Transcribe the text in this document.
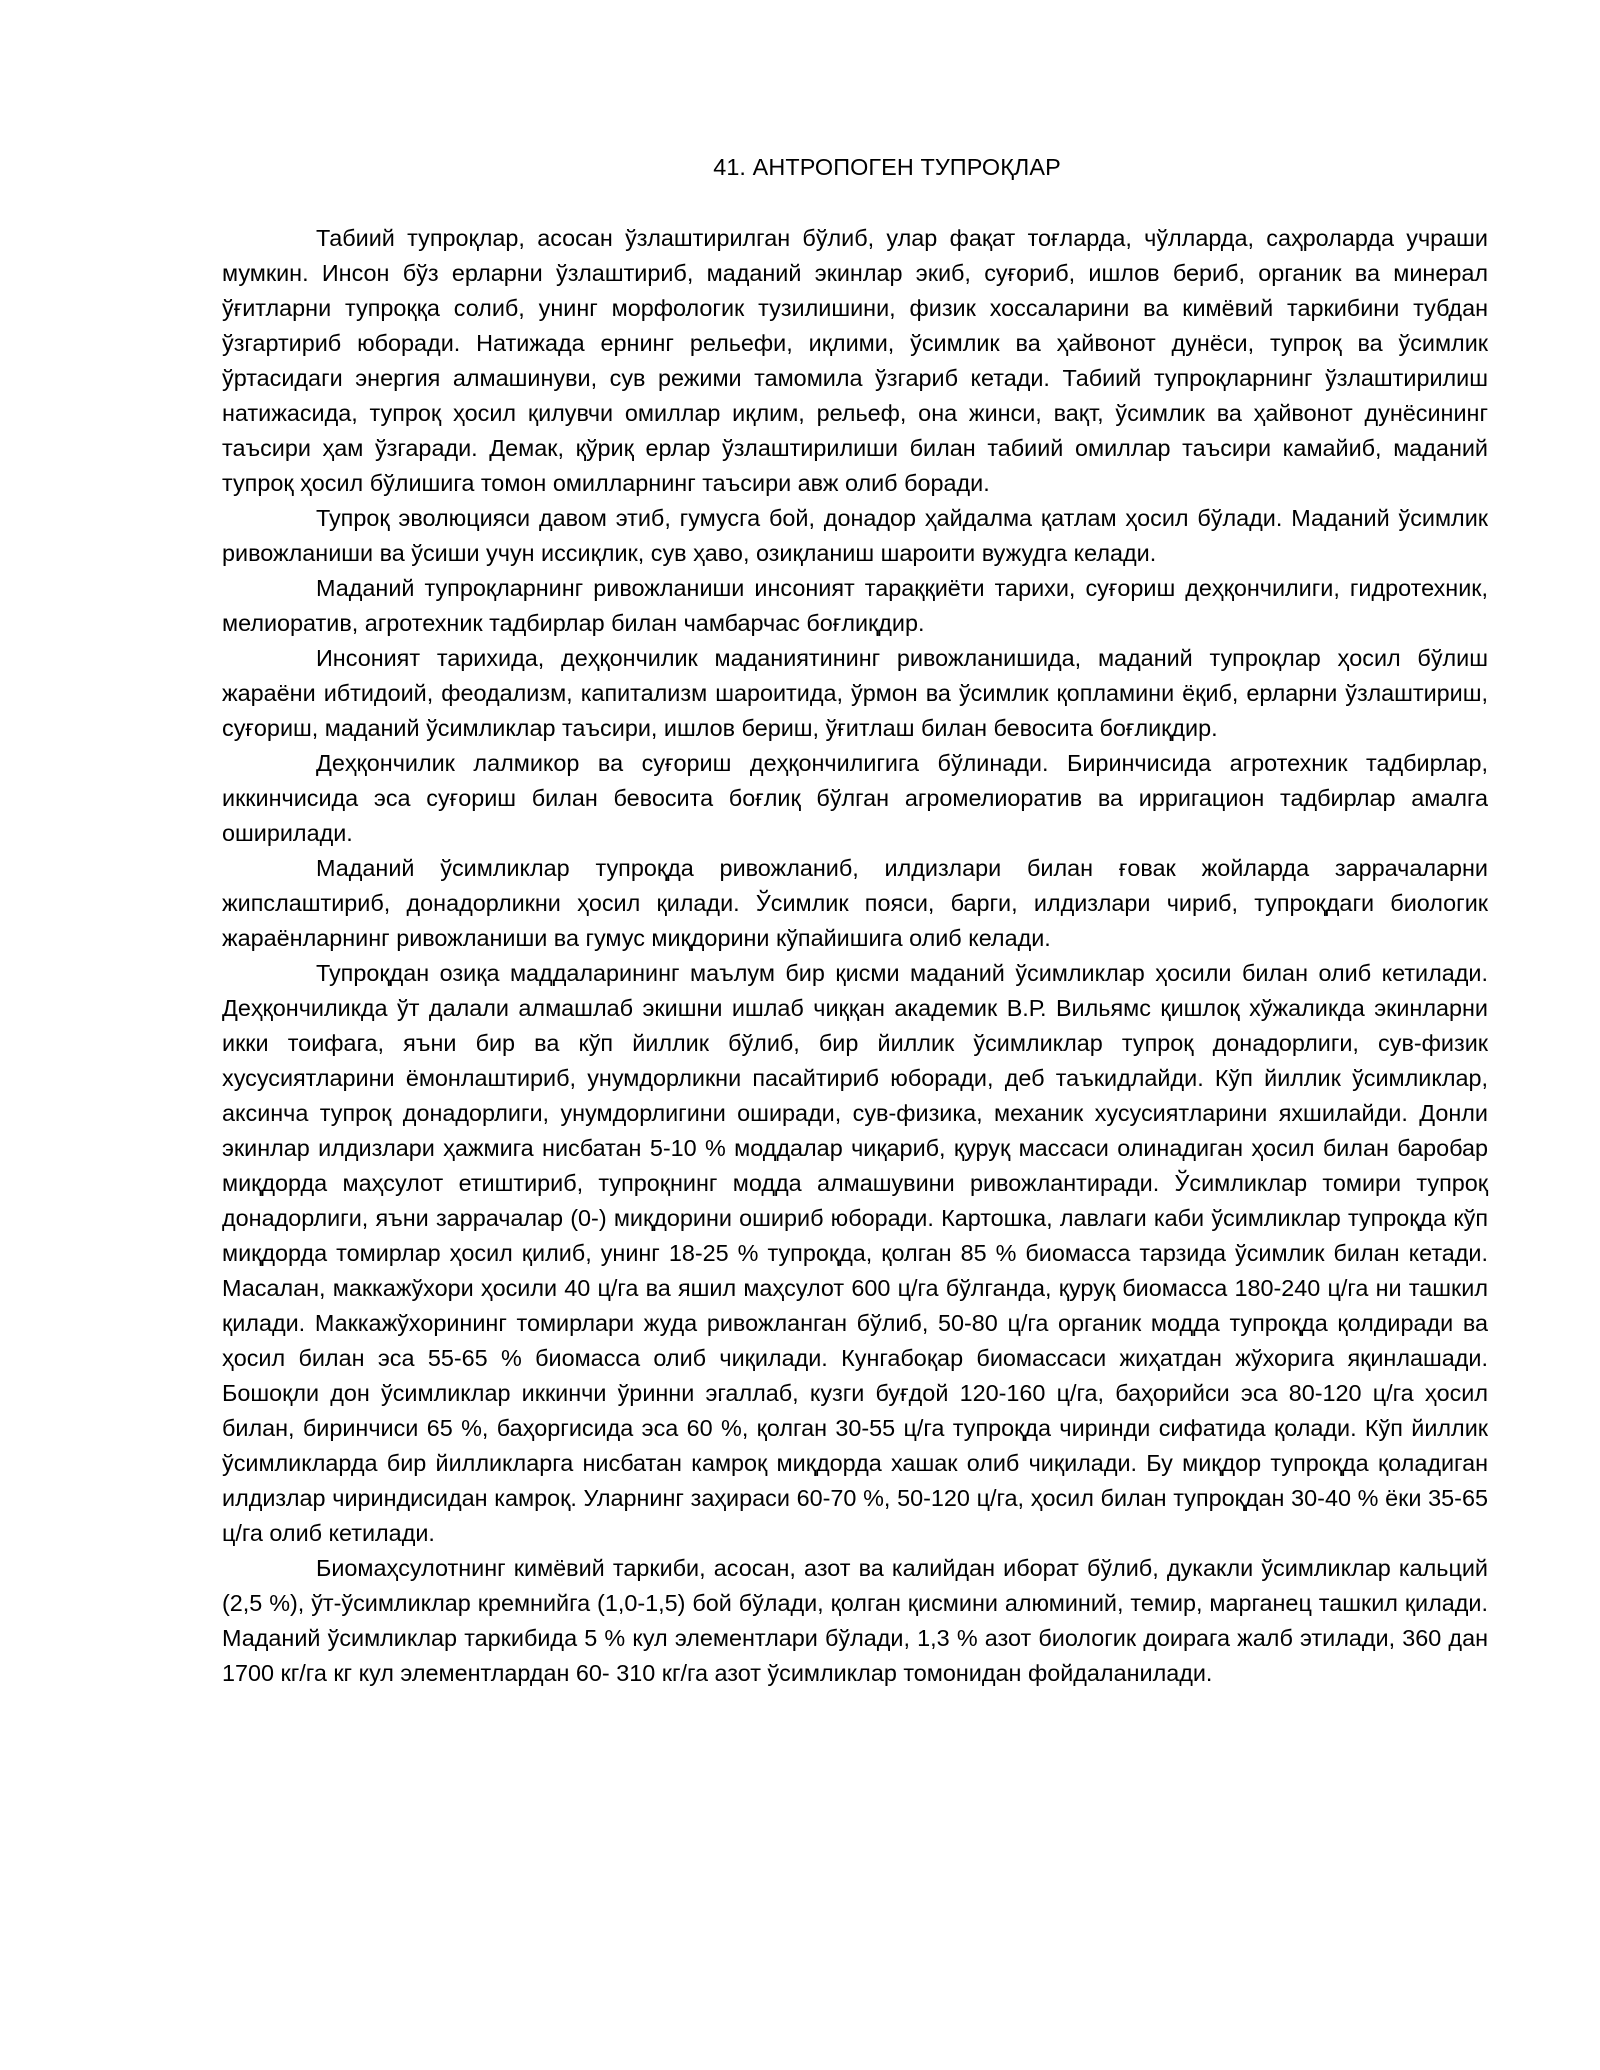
41. АНТРОПОГЕН ТУПРОҚЛАР

Табиий тупроқлар, асосан ўзлаштирилган бўлиб, улар фақат тоғларда, чўлларда, саҳроларда учраши мумкин. Инсон бўз ерларни ўзлаштириб, маданий экинлар экиб, суғориб, ишлов бериб, органик ва минерал ўғитларни тупроққа солиб, унинг морфологик тузилишини, физик хоссаларини ва кимёвий таркибини тубдан ўзгартириб юборади. Натижада ернинг рельефи, иқлими, ўсимлик ва ҳайвонот дунёси, тупроқ ва ўсимлик ўртасидаги энергия алмашинуви, сув режими тамомила ўзгариб кетади. Табиий тупроқларнинг ўзлаштирилиш натижасида, тупроқ ҳосил қилувчи омиллар иқлим, рельеф, она жинси, вақт, ўсимлик ва ҳайвонот дунёсининг таъсири ҳам ўзгаради. Демак, қўриқ ерлар ўзлаштирилиши билан табиий омиллар таъсири камайиб, маданий тупроқ ҳосил бўлишига томон омилларнинг таъсири авж олиб боради.

Тупроқ эволюцияси давом этиб, гумусга бой, донадор ҳайдалма қатлам ҳосил бўлади. Маданий ўсимлик ривожланиши ва ўсиши учун иссиқлик, сув ҳаво, озиқланиш шароити вужудга келади.

Маданий тупроқларнинг ривожланиши инсоният тараққиёти тарихи, суғориш деҳқончилиги, гидротехник, мелиоратив, агротехник тадбирлар билан чамбарчас боғлиқдир.

Инсоният тарихида, деҳқончилик маданиятининг ривожланишида, маданий тупроқлар ҳосил бўлиш жараёни ибтидоий, феодализм, капитализм шароитида, ўрмон ва ўсимлик қопламини ёқиб, ерларни ўзлаштириш, суғориш, маданий ўсимликлар таъсири, ишлов бериш, ўғитлаш билан бевосита боғлиқдир.

Деҳқончилик лалмикор ва суғориш деҳқончилигига бўлинади. Биринчисида агротехник тадбирлар, иккинчисида эса суғориш билан бевосита боғлиқ бўлган агромелиоратив ва ирригацион тадбирлар амалга оширилади.

Маданий ўсимликлар тупроқда ривожланиб, илдизлари билан ғовак жойларда заррачаларни жипслаштириб, донадорликни ҳосил қилади. Ўсимлик пояси, барги, илдизлари чириб, тупроқдаги биологик жараёнларнинг ривожланиши ва гумус миқдорини кўпайишига олиб келади.

Тупроқдан озиқа маддаларининг маълум бир қисми маданий ўсимликлар ҳосили билан олиб кетилади. Деҳқончиликда ўт далали алмашлаб экишни ишлаб чиққан академик В.Р. Вильямс қишлоқ хўжаликда экинларни икки тоифага, яъни бир ва кўп йиллик бўлиб, бир йиллик ўсимликлар тупроқ донадорлиги, сув-физик хусусиятларини ёмонлаштириб, унумдорликни пасайтириб юборади, деб таъкидлайди. Кўп йиллик ўсимликлар, аксинча тупроқ донадорлиги, унумдорлигини оширади, сув-физика, механик хусусиятларини яхшилайди. Донли экинлар илдизлари ҳажмига нисбатан 5-10 % моддалар чиқариб, қуруқ массаси олинадиган ҳосил билан баробар миқдорда маҳсулот етиштириб, тупроқнинг модда алмашувини ривожлантиради. Ўсимликлар томири тупроқ донадорлиги, яъни заррачалар (0-) миқдорини ошириб юборади. Картошка, лавлаги каби ўсимликлар тупроқда кўп миқдорда томирлар ҳосил қилиб, унинг 18-25 % тупроқда, қолган 85 % биомасса тарзида ўсимлик билан кетади. Масалан, маккажўхори ҳосили 40 ц/га ва яшил маҳсулот 600 ц/га бўлганда, қуруқ биомасса 180-240 ц/га ни ташкил қилади. Маккажўхорининг томирлари жуда ривожланган бўлиб, 50-80 ц/га органик модда тупроқда қолдиради ва ҳосил билан эса 55-65 % биомасса олиб чиқилади. Кунгабоқар биомассаси жиҳатдан жўхорига яқинлашади. Бошоқли дон ўсимликлар иккинчи ўринни эгаллаб, кузги буғдой 120-160 ц/га, баҳорийси эса 80-120 ц/га ҳосил билан, биринчиси 65 %, баҳоргисида эса 60 %, қолган 30-55 ц/га тупроқда чиринди сифатида қолади. Кўп йиллик ўсимликларда бир йилликларга нисбатан камроқ миқдорда хашак олиб чиқилади. Бу миқдор тупроқда қоладиган илдизлар чириндисидан камроқ. Уларнинг заҳираси 60-70 %, 50-120 ц/га, ҳосил билан тупроқдан 30-40 % ёки 35-65 ц/га олиб кетилади.

Биомаҳсулотнинг кимёвий таркиби, асосан, азот ва калийдан иборат бўлиб, дукакли ўсимликлар кальций (2,5 %), ўт-ўсимликлар кремнийга (1,0-1,5) бой бўлади, қолган қисмини алюминий, темир, марганец ташкил қилади. Маданий ўсимликлар таркибида 5 % кул элементлари бўлади, 1,3 % азот биологик доирага жалб этилади, 360 дан 1700 кг/га кг кул элементлардан 60- 310 кг/га азот ўсимликлар томонидан фойдаланилади.
